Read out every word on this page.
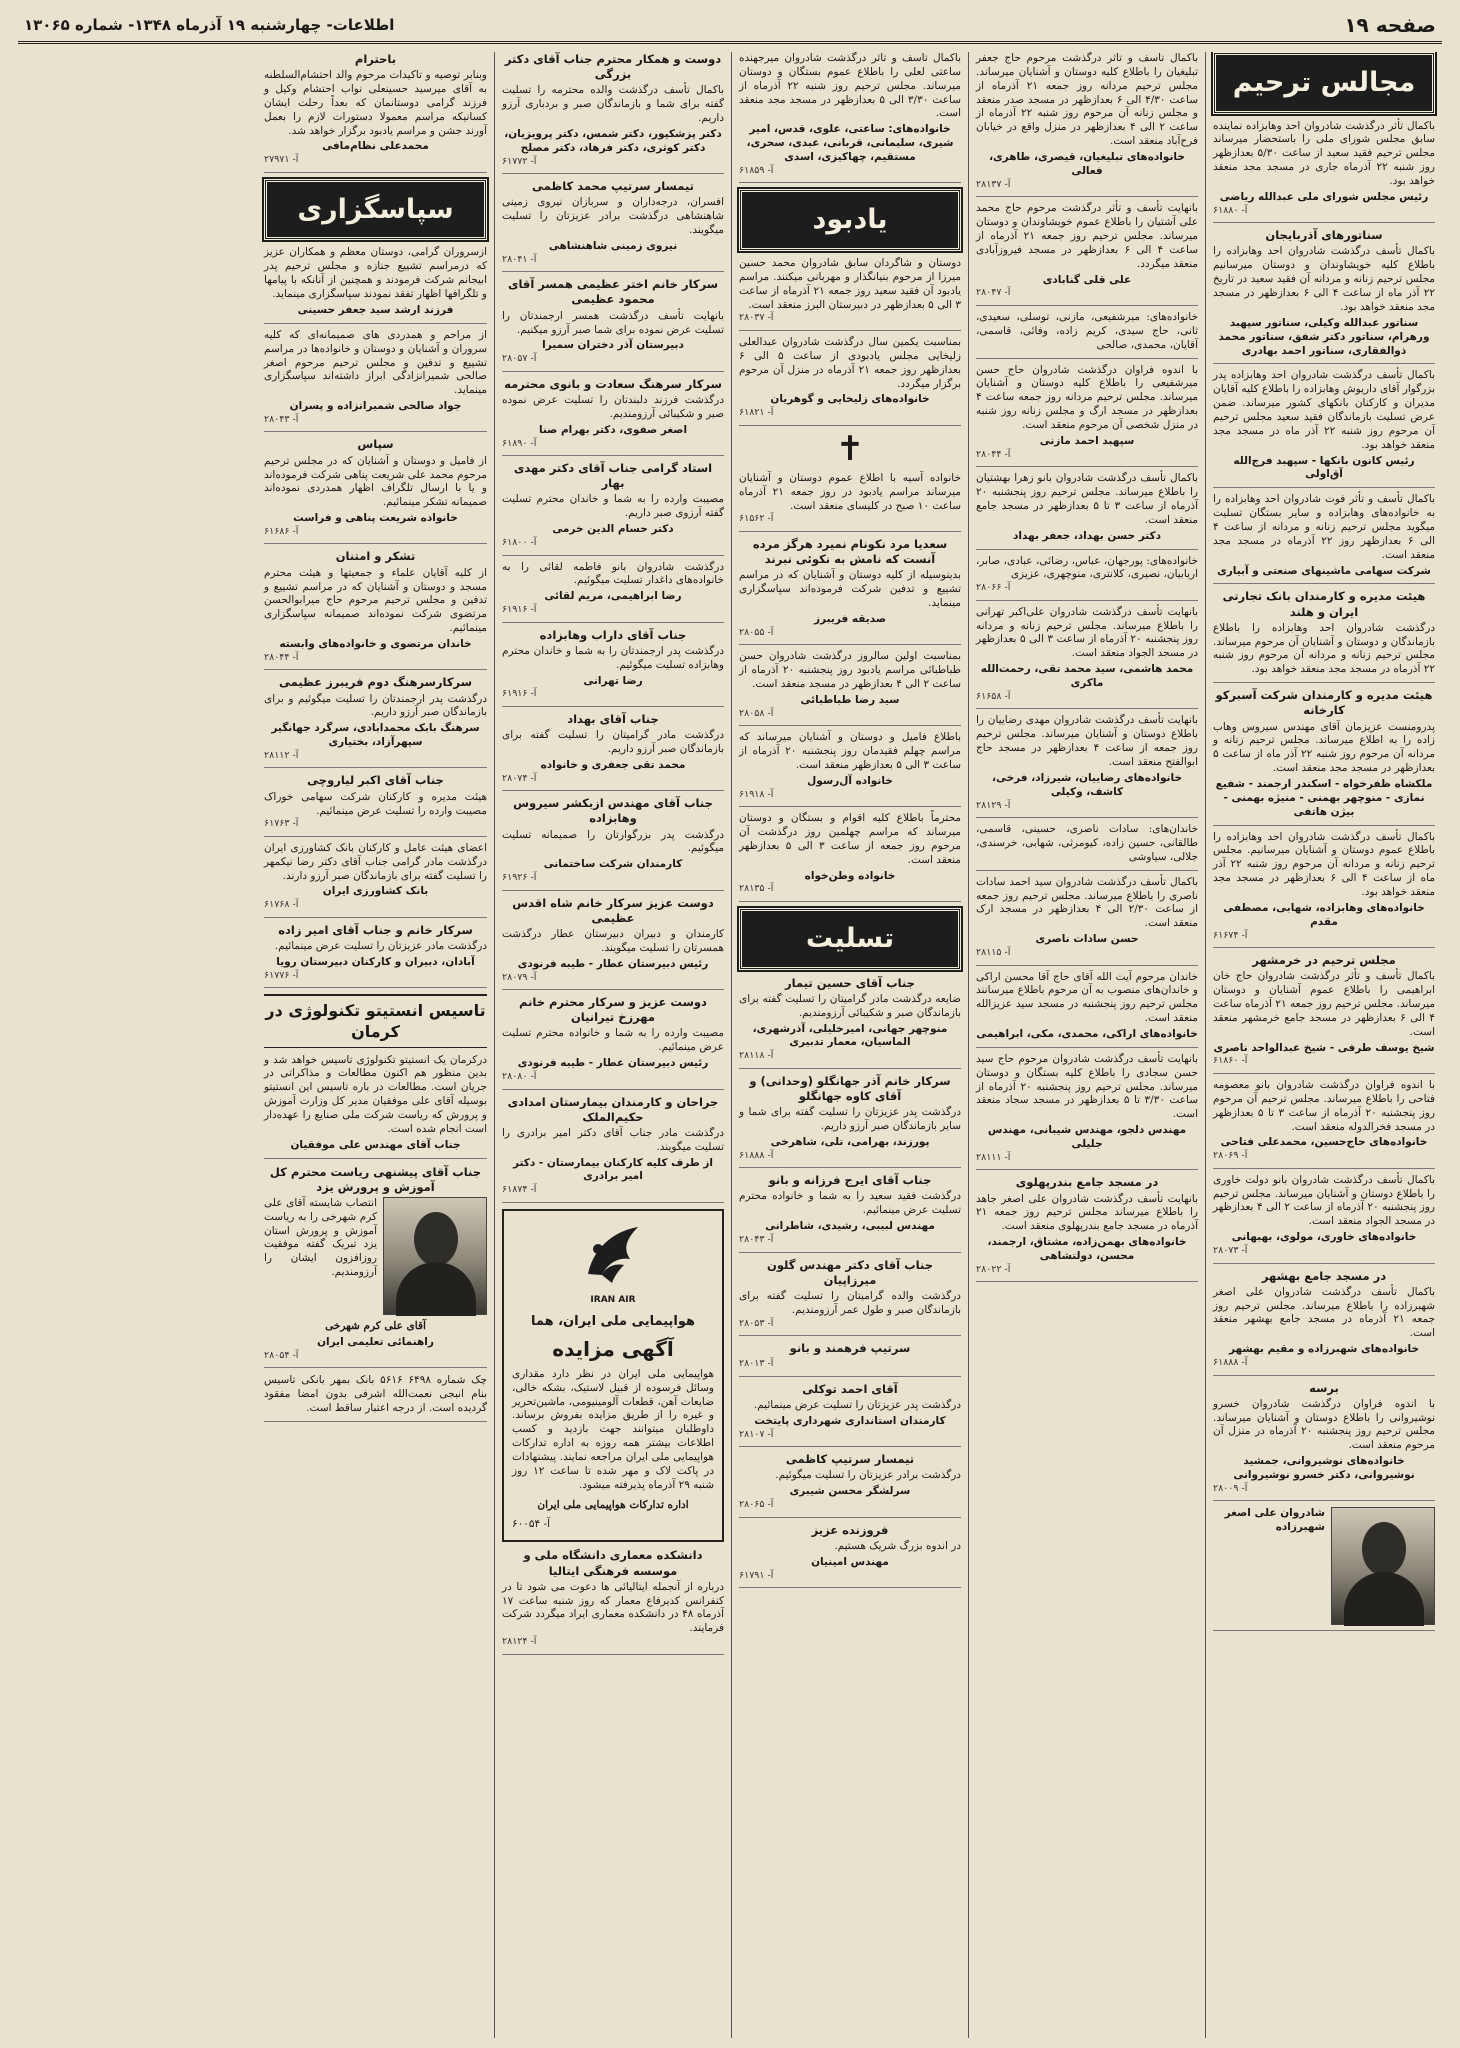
صفحه ۱۹
اطلاعات- چهارشنبه ۱۹ آذرماه ۱۳۴۸- شماره ۱۳۰۶۵
مجالس ترحیم
باکمال تأثر درگذشت شادروان احد وهابزاده نماینده سابق مجلس شورای ملی را باستحضار میرساند مجلس ترحیم فقید سعید از ساعت ۵/۳۰ بعدازظهر روز شنبه ۲۲ آذرماه جاری در مسجد مجد منعقد خواهد بود.
رئیس مجلس شورای ملی عبدالله ریاضی
آ- ۶۱۸۸۰
سناتورهای آذربایجان
باکمال تأسف درگذشت شادروان احد وهابزاده را باطلاع کلیه خویشاوندان و دوستان میرسانیم مجلس ترحیم زنانه و مردانه آن فقید سعید در تاریخ ۲۲ آذر ماه از ساعت ۴ الی ۶ بعدازظهر در مسجد مجد منعقد خواهد بود.
سناتور عبدالله وکیلی، سناتور سپهبد ورهرام، سناتور دکتر شفق، سناتور محمد ذوالفقاری، سناتور احمد بهادری
باکمال تأسف درگذشت شادروان احد وهابزاده پدر بزرگوار آقای داریوش وهابزاده را باطلاع کلیه آقایان مدیران و کارکنان بانکهای کشور میرساند. ضمن عرض تسلیت بازماندگان فقید سعید مجلس ترحیم آن مرحوم روز شنبه ۲۲ آذر ماه در مسجد مجد منعقد خواهد بود.
رئیس کانون بانکها - سپهبد فرج‌الله آق‌اولی
باکمال تأسف و تأثر فوت شادروان احد وهابزاده را به خانواده‌های وهابزاده و سایر بستگان تسلیت میگوید مجلس ترحیم زنانه و مردانه از ساعت ۴ الی ۶ بعدازظهر روز ۲۲ آذرماه در مسجد مجد منعقد است.
شرکت سهامی ماشینهای صنعتی و آبیاری
هیئت مدیره و کارمندان بانک تجارتی ایران و هلند
درگذشت شادروان احد وهابزاده را باطلاع بازماندگان و دوستان و آشنایان آن مرحوم میرساند. مجلس ترحیم زنانه و مردانه آن مرحوم روز شنبه ۲۲ آذرماه در مسجد مجد منعقد خواهد بود.
هیئت مدیره و کارمندان شرکت آسبرکو کارخانه
پدرومنست عزیزمان آقای مهندس سیروس وهاب زاده را به اطلاع میرساند. مجلس ترحیم زنانه و مردانه آن مرحوم روز شنبه ۲۲ آذر ماه از ساعت ۵ بعدازظهر در مسجد مجد منعقد است.
ملکشاه ظفرخواه - اسکندر ارجمند - شفیع نمازی - منوچهر بهمنی - منیژه بهمنی - بیژن هاتفی
باکمال تأسف درگذشت شادروان احد وهابزاده را باطلاع عموم دوستان و آشنایان میرسانیم. مجلس ترحیم زنانه و مردانه آن مرحوم روز شنبه ۲۲ آذر ماه از ساعت ۴ الی ۶ بعدازظهر در مسجد مجد منعقد خواهد بود.
خانواده‌های وهابزاده، شهابی، مصطفی مقدم
آ- ۶۱۶۷۴
مجلس ترحیم در خرمشهر
باکمال تأسف و تأثر درگذشت شادروان حاج خان ابراهیمی را باطلاع عموم آشنایان و دوستان میرساند. مجلس ترحیم روز جمعه ۲۱ آذرماه ساعت ۴ الی ۶ بعدازظهر در مسجد جامع خرمشهر منعقد است.
شیخ یوسف طرفی - شیخ عبدالواحد ناصری
آ- ۶۱۸۶۰
با اندوه فراوان درگذشت شادروان بانو معصومه فتاحی را باطلاع میرساند. مجلس ترحیم آن مرحوم روز پنجشنبه ۲۰ آذرماه از ساعت ۳ تا ۵ بعدازظهر در مسجد فخرالدوله منعقد است.
خانواده‌های حاج‌حسین، محمدعلی فتاحی
آ- ۲۸۰۶۹
باکمال تأسف درگذشت شادروان بانو دولت خاوری را باطلاع دوستان و آشنایان میرساند. مجلس ترحیم روز پنجشنبه ۲۰ آذرماه از ساعت ۲ الی ۴ بعدازظهر در مسجد الجواد منعقد است.
خانواده‌های خاوری، مولوی، بهبهانی
آ- ۲۸۰۷۳
در مسجد جامع بهشهر
باکمال تأسف درگذشت شادروان علی اصغر شهبرزاده را باطلاع میرساند. مجلس ترحیم روز جمعه ۲۱ آذرماه در مسجد جامع بهشهر منعقد است.
خانواده‌های شهبرزاده و مقیم بهشهر
آ- ۶۱۸۸۸
برسه
با اندوه فراوان درگذشت شادروان خسرو نوشیروانی را باطلاع دوستان و آشنایان میرساند. مجلس ترحیم روز پنجشنبه ۲۰ آذرماه در منزل آن مرحوم منعقد است.
خانواده‌های نوشیروانی، جمشید نوشیروانی، دکتر خسرو نوشیروانی
آ- ۲۸۰۰۹
شادروان علی اصغر شهبرزاده
باکمال تأسف و تأثر درگذشت مرحوم حاج جعفر تبلیغیان را باطلاع کلیه دوستان و آشنایان میرساند. مجلس ترحیم مردانه روز جمعه ۲۱ آذرماه از ساعت ۴/۳۰ الی ۶ بعدازظهر در مسجد صدر منعقد و مجلس زنانه آن مرحوم روز شنبه ۲۲ آذرماه از ساعت ۲ الی ۴ بعدازظهر در منزل واقع در خیابان فرح‌آباد منعقد است.
خانواده‌های تبلیغیان، قیصری، طاهری، فعالی
آ- ۲۸۱۳۷
بانهایت تأسف و تأثر درگذشت مرحوم حاج محمد علی آشتیان را باطلاع عموم خویشاوندان و دوستان میرساند. مجلس ترحیم روز جمعه ۲۱ آذرماه از ساعت ۴ الی ۶ بعدازظهر در مسجد فیروزآبادی منعقد میگردد.
علی قلی گنابادی
آ- ۲۸۰۴۷
خانواده‌های: میرشفیعی، مازنی، توسلی، سعیدی، ثانی، حاج سیدی، کریم زاده، وفائی، قاسمی، آقایان، محمدی، صالحی
با اندوه فراوان درگذشت شادروان حاج حسن میرشفیعی را باطلاع کلیه دوستان و آشنایان میرساند. مجلس ترحیم مردانه روز جمعه ساعت ۴ بعدازظهر در مسجد ارگ و مجلس زنانه روز شنبه در منزل شخصی آن مرحوم منعقد است.
سپهبد احمد مازنی
آ- ۲۸۰۴۴
باکمال تأسف درگذشت شادروان بانو زهرا بهشتیان را باطلاع میرساند. مجلس ترحیم روز پنجشنبه ۲۰ آذرماه از ساعت ۳ تا ۵ بعدازظهر در مسجد جامع منعقد است.
دکتر حسن بهداد، جعفر بهداد
خانواده‌های: پورجهان، عباس، رضائی، عبادی، صابر، اربابیان، نصیری، کلانتری، منوچهری، عزیزی
آ- ۲۸۰۶۶
بانهایت تأسف درگذشت شادروان علی‌اکبر تهرانی را باطلاع میرساند. مجلس ترحیم زنانه و مردانه روز پنجشنبه ۲۰ آذرماه از ساعت ۳ الی ۵ بعدازظهر در مسجد الجواد منعقد است.
محمد هاشمی، سید محمد تقی، رحمت‌الله ماکری
آ- ۶۱۶۵۸
بانهایت تأسف درگذشت شادروان مهدی رضاییان را باطلاع دوستان و آشنایان میرساند. مجلس ترحیم روز جمعه از ساعت ۴ بعدازظهر در مسجد حاج ابوالفتح منعقد است.
خانواده‌های رضاییان، شیرزاد، فرخی، کاشف، وکیلی
آ- ۲۸۱۲۹
خاندان‌های: سادات ناصری، حسینی، قاسمی، طالقانی، حسین زاده، کیومرثی، شهابی، خرسندی، جلالی، سیاوشی
باکمال تأسف درگذشت شادروان سید احمد سادات ناصری را باطلاع میرساند. مجلس ترحیم روز جمعه از ساعت ۲/۳۰ الی ۴ بعدازظهر در مسجد ارک منعقد است.
حسن سادات ناصری
آ- ۲۸۱۱۵
خاندان مرحوم آیت الله آقای حاج آقا محسن اراکی و خاندان‌های منصوب به آن مرحوم باطلاع میرسانند مجلس ترحیم روز پنجشنبه در مسجد سید عزیزالله منعقد است.
خانواده‌های اراکی، محمدی، مکی، ابراهیمی
بانهایت تأسف درگذشت شادروان مرحوم حاج سید حسن سجادی را باطلاع کلیه بستگان و دوستان میرساند. مجلس ترحیم روز پنجشنبه ۲۰ آذرماه از ساعت ۳/۳۰ تا ۵ بعدازظهر در مسجد سجاد منعقد است.
مهندس دلجو، مهندس شیبانی، مهندس جلیلی
آ- ۲۸۱۱۱
در مسجد جامع بندرپهلوی
بانهایت تأسف درگذشت شادروان علی اصغر جاهد را باطلاع میرساند مجلس ترحیم روز جمعه ۲۱ آذرماه در مسجد جامع بندرپهلوی منعقد است.
خانواده‌های بهمن‌زاده، مشتاق، ارجمند، محسن، دولتشاهی
آ- ۲۸۰۲۲
باکمال تأسف و تأثر درگذشت شادروان میرجهنده ساعتی لعلی را باطلاع عموم بستگان و دوستان میرساند. مجلس ترحیم روز شنبه ۲۲ آذرماه از ساعت ۳/۳۰ الی ۵ بعدازظهر در مسجد مجد منعقد است.
خانواده‌های: ساعتی، علوی، قدس، امیر شیری، سلیمانی، قربانی، عبدی، سحری، مستقیم، چهاکیزی، اسدی
آ- ۶۱۸۵۹
یادبود
دوستان و شاگردان سابق شادروان محمد حسین میرزا از مرحوم بنیانگذار و مهربانی میکنند. مراسم یادبود آن فقید سعید روز جمعه ۲۱ آذرماه از ساعت ۳ الی ۵ بعدازظهر در دبیرستان البرز منعقد است.
آ- ۲۸۰۳۷
بمناسبت یکمین سال درگذشت شادروان عبدالعلی زلیخایی مجلس یادبودی از ساعت ۵ الی ۶ بعدازظهر روز جمعه ۲۱ آذرماه در منزل آن مرحوم برگزار میگردد.
خانواده‌های زلیخایی و گوهریان
آ- ۶۱۸۲۱
✝
خانواده آسیه با اطلاع عموم دوستان و آشنایان میرساند مراسم یادبود در روز جمعه ۲۱ آذرماه ساعت ۱۰ صبح در کلیسای منعقد است.
آ- ۶۱۵۶۲
سعدیا مرد نکونام نمیرد هرگز مرده آنست که نامش به نکوئی نبرند
بدینوسیله از کلیه دوستان و آشنایان که در مراسم تشییع و تدفین شرکت فرموده‌اند سپاسگزاری مینماید.
صدیقه فریبرز
آ- ۲۸۰۵۵
بمناسبت اولین سالروز درگذشت شادروان حسن طباطبائی مراسم یادبود روز پنجشنبه ۲۰ آذرماه از ساعت ۲ الی ۴ بعدازظهر در مسجد منعقد است.
سید رضا طباطبائی
آ- ۲۸۰۵۸
باطلاع فامیل و دوستان و آشنایان میرساند که مراسم چهلم فقیدمان روز پنجشنبه ۲۰ آذرماه از ساعت ۳ الی ۵ بعدازظهر منعقد است.
خانواده آل‌رسول
آ- ۶۱۹۱۸
محترماً باطلاع کلیه اقوام و بستگان و دوستان میرساند که مراسم چهلمین روز درگذشت آن مرحوم روز جمعه از ساعت ۳ الی ۵ بعدازظهر منعقد است.
خانواده وطن‌خواه
آ- ۲۸۱۳۵
تسلیت
جناب آقای حسین تیمار
ضایعه درگذشت مادر گرامیتان را تسلیت گفته برای بازماندگان صبر و شکیبائی آرزومندیم.
منوچهر جهانی، امیرخلیلی، آذرشهری، الماسیان، معمار تدبیری
آ- ۲۸۱۱۸
سرکار خانم آذر جهانگلو (وحدانی) و آقای کاوه جهانگلو
درگذشت پدر عزیزتان را تسلیت گفته برای شما و سایر بازماندگان صبر آرزو داریم.
پورزند، بهرامی، تلی، شاهرخی
آ- ۶۱۸۸۸
جناب آقای ایرج فرزانه و بانو
درگذشت فقید سعید را به شما و خانواده محترم تسلیت عرض مینمائیم.
مهندس لبیبی، رشیدی، شاطرانی
آ- ۲۸۰۴۳
جناب آقای دکتر مهندس گلون میرزاپیان
درگذشت والده گرامیتان را تسلیت گفته برای بازماندگان صبر و طول عمر آرزومندیم.
آ- ۲۸۰۵۳
سرتیپ فرهمند و بانو
آ- ۲۸۰۱۳
آقای احمد توکلی
درگذشت پدر عزیزتان را تسلیت عرض مینمائیم.
کارمندان استانداری شهرداری پایتخت
آ- ۲۸۱۰۷
تیمسار سرتیپ کاظمی
درگذشت برادر عزیزتان را تسلیت میگوئیم.
سرلشگر محسن شیبری
آ- ۲۸۰۶۵
فروزنده عزیز
در اندوه بزرگ شریک هستیم.
مهندس امینیان
آ- ۶۱۷۹۱
دوست و همکار محترم جناب آقای دکتر بزرگی
باکمال تأسف درگذشت والده محترمه را تسلیت گفته برای شما و بازماندگان صبر و بردباری آرزو داریم.
دکتر پزشکپور، دکتر شمس، دکتر پرویزیان، دکتر کوثری، دکتر فرهاد، دکتر مصلح
آ- ۶۱۷۷۲
تیمسار سرتیپ محمد کاظمی
افسران، درجه‌داران و سربازان نیروی زمینی شاهنشاهی درگذشت برادر عزیزتان را تسلیت میگویند.
نیروی زمینی شاهنشاهی
آ- ۲۸۰۴۱
سرکار خانم اختر عظیمی همسر آقای محمود عظیمی
بانهایت تأسف درگذشت همسر ارجمندتان را تسلیت عرض نموده برای شما صبر آرزو میکنیم.
دبیرستان آذر دختران سمیرا
آ- ۲۸۰۵۷
سرکار سرهنگ سعادت و بانوی محترمه
درگذشت فرزند دلبندتان را تسلیت عرض نموده صبر و شکیبائی آرزومندیم.
اصغر صفوی، دکتر بهرام صنا
آ- ۶۱۸۹۰
استاد گرامی جناب آقای دکتر مهدی بهار
مصیبت وارده را به شما و خاندان محترم تسلیت گفته آرزوی صبر داریم.
دکتر حسام الدین خرمی
آ- ۶۱۸۰۰
درگذشت شادروان بانو فاطمه لقائی را به خانواده‌های داغدار تسلیت میگوئیم.
رضا ابراهیمی، مریم لقائی
آ- ۶۱۹۱۶
جناب آقای داراب وهابزاده
درگذشت پدر ارجمندتان را به شما و خاندان محترم وهابزاده تسلیت میگوئیم.
رضا تهرانی
آ- ۶۱۹۱۶
جناب آقای بهداد
درگذشت مادر گرامیتان را تسلیت گفته برای بازماندگان صبر آرزو داریم.
محمد تقی جعفری و خانواده
آ- ۲۸۰۷۴
جناب آقای مهندس ازبکشر سیروس وهابزاده
درگذشت پدر بزرگوارتان را صمیمانه تسلیت میگوئیم.
کارمندان شرکت ساختمانی
آ- ۶۱۹۲۶
دوست عزیز سرکار خانم شاه اقدس عظیمی
کارمندان و دبیران دبیرستان عطار درگذشت همسرتان را تسلیت میگویند.
رئیس دبیرستان عطار - طیبه فرنودی
آ- ۲۸۰۷۹
دوست عزیز و سرکار محترم خانم مهرزخ تیرانیان
مصیبت وارده را به شما و خانواده محترم تسلیت عرض مینمائیم.
رئیس دبیرستان عطار - طیبه فرنودی
آ- ۲۸۰۸۰
جراحان و کارمندان بیمارستان امدادی حکیم‌الملک
درگذشت مادر جناب آقای دکتر امیر برادری را تسلیت میگویند.
از طرف کلیه کارکنان بیمارستان - دکتر امیر برادری
آ- ۶۱۸۷۴
IRAN AIR
هواپیمایی ملی ایران، هما
آگهی مزایده
هواپیمایی ملی ایران در نظر دارد مقداری وسائل فرسوده از قبیل لاستیک، بشکه خالی، ضایعات آهن، قطعات آلومینیومی، ماشین‌تحریر و غیره را از طریق مزایده بفروش برساند. داوطلبان میتوانند جهت بازدید و کسب اطلاعات بیشتر همه روزه به اداره تدارکات هواپیمایی ملی ایران مراجعه نمایند. پیشنهادات در پاکت لاک و مهر شده تا ساعت ۱۲ روز شنبه ۲۹ آذرماه پذیرفته میشود.
اداره تدارکات هواپیمایی ملی ایران
آ- ۶۰۰۵۴
دانشکده معماری دانشگاه ملی و موسسه فرهنگی ایتالیا
درباره از آنجمله ایتالیائی ها دعوت می شود تا در کنفرانس کدیرفاع معمار که روز شنبه ساعت ۱۷ آذرماه ۴۸ در دانشکده معماری ایراد میگردد شرکت فرمایند.
آ- ۲۸۱۲۴
باحترام
وبنابر توصیه و تاکیدات مرحوم والد احتشام‌السلطنه به آقای میرسید حسینعلی نواب احتشام وکیل و فرزند گرامی دوستانمان که بعداً رحلت ایشان کسانیکه مراسم معمولا دستورات لازم را بعمل آورند جشن و مراسم یادبود برگزار خواهد شد.
محمدعلی نظام‌مافی
آ- ۲۷۹۷۱
سپاسگزاری
ازسروران گرامی، دوستان معظم و همکاران عزیز که درمراسم تشییع جنازه و مجلس ترحیم پدر ابیجانم شرکت فرمودند و همچنین از آنانکه با پیامها و تلگرافها اظهار تفقد نمودند سپاسگزاری مینماید.
فرزند ارشد سید جعفر حسینی
از مراحم و همدردی های صمیمانه‌ای که کلیه سروران و آشنایان و دوستان و خانواده‌ها در مراسم تشییع و تدفین و مجلس ترحیم مرحوم اصغر صالحی شمیرانزادگی ابراز داشته‌اند سپاسگزاری مینماید.
جواد صالحی شمیرانزاده و پسران
آ- ۲۸۰۴۳
سپاس
از فامیل و دوستان و آشنایان که در مجلس ترحیم مرحوم محمد علی شریعت پناهی شرکت فرموده‌اند و یا با ارسال تلگراف اظهار همدردی نموده‌اند صمیمانه تشکر مینمائیم.
خانواده شریعت پناهی و فراست
آ- ۶۱۶۸۶
تشکر و امتنان
از کلیه آقایان علماء و جمعیتها و هیئت محترم مسجد و دوستان و آشنایان که در مراسم تشییع و تدفین و مجلس ترحیم مرحوم حاج میرابوالحسن مرتضوی شرکت نموده‌اند صمیمانه سپاسگزاری مینمائیم.
خاندان مرتضوی و خانواده‌های وابسته
آ- ۲۸۰۴۴
سرکارسرهنگ دوم فریبرز عظیمی
درگذشت پدر ارجمندتان را تسلیت میگوئیم و برای بازماندگان صبر آرزو داریم.
سرهنگ بابک محمدابادی، سرگرد جهانگیر سپهرآزاد، بختیاری
آ- ۲۸۱۱۲
جناب آقای اکبر لیاروچی
هیئت مدیره و کارکنان شرکت سهامی خوراک مصیبت وارده را تسلیت عرض مینمائیم.
آ- ۶۱۷۶۳
اعضای هیئت عامل و کارکنان بانک کشاورزی ایران درگذشت مادر گرامی جناب آقای دکتر رضا نیکمهر را تسلیت گفته برای بازماندگان صبر آرزو دارند.
بانک کشاورزی ایران
آ- ۶۱۷۶۸
سرکار خانم و جناب آقای امیر زاده
درگذشت مادر عزیزتان را تسلیت عرض مینمائیم.
آبادان، دبیران و کارکنان دبیرستان رویا
آ- ۶۱۷۷۶
تاسیس انستیتو تکنولوژی در کرمان
درکرمان یک انستیتو تکنولوژی تاسیس خواهد شد و بدین منظور هم اکنون مطالعات و مذاکراتی در جریان است. مطالعات در باره تاسیس این انستیتو بوسیله آقای علی موفقیان مدیر کل وزارت آموزش و پرورش که ریاست شرکت ملی صنایع را عهده‌دار است انجام شده است.
جناب آقای مهندس علی موفقیان
جناب آقای پیشنهی ریاست محترم کل آموزش و پرورش یزد
انتصاب شایسته آقای علی کرم شهرخی را به ریاست آموزش و پرورش استان یزد تبریک گفته موفقیت روزافزون ایشان را آرزومندیم.
آقای علی کرم شهرخی
راهنمائی تعلیمی ایران
آ- ۲۸۰۵۴
چک شماره ۶۴۹۸ ۵۶۱۶ بانک بمهر بانکی تاسیس بنام انبجی نعمت‌الله اشرفی بدون امضا مفقود گردیده است. از درجه اعتبار ساقط است.
